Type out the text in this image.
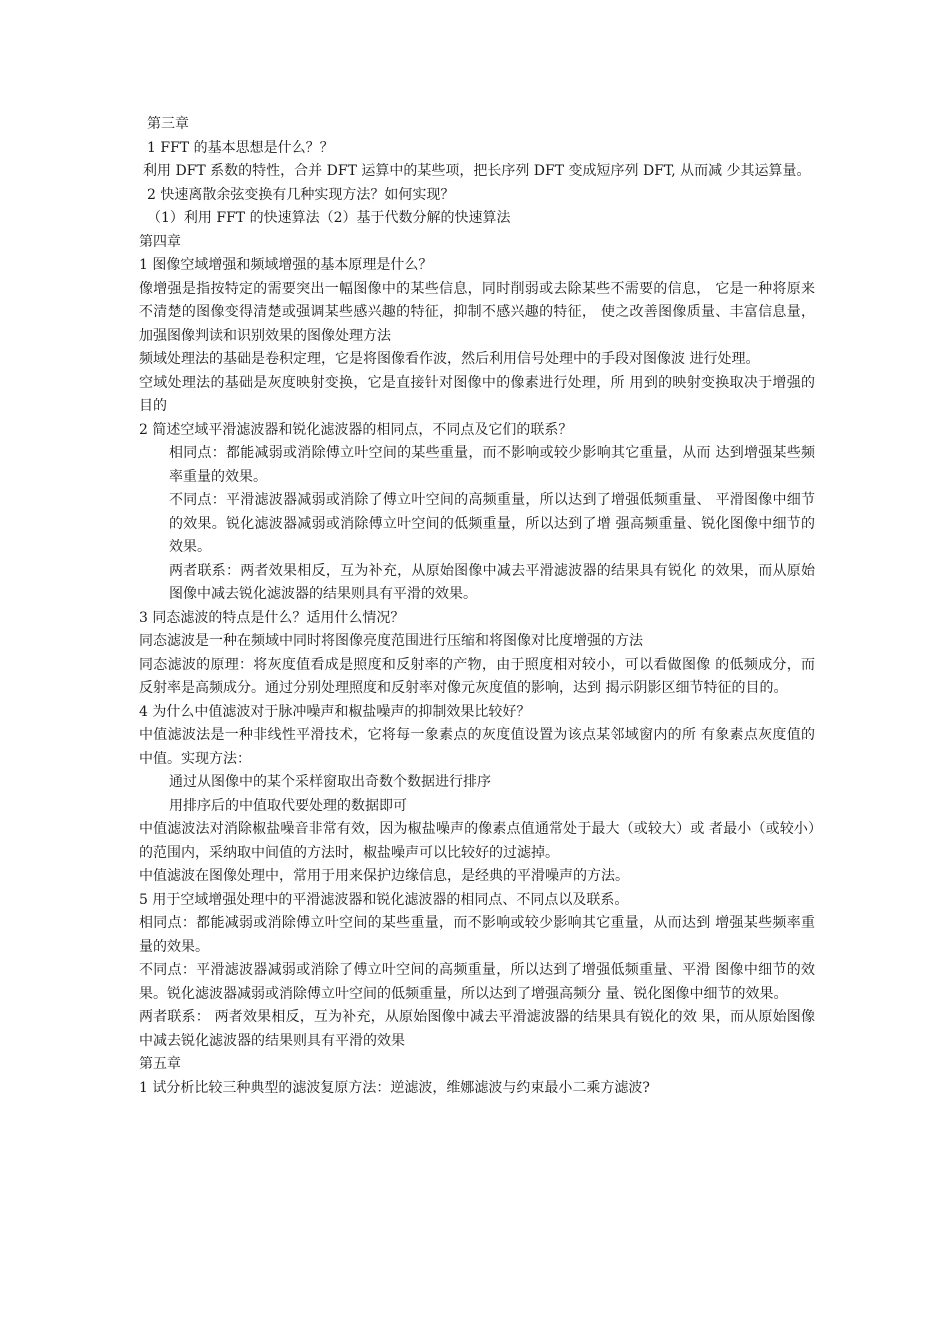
第三章

1 FFT 的基本思想是什么？？

利用 DFT 系数的特性，合并 DFT 运算中的某些项，把长序列 DFT 变成短序列 DFT, 从而减 少其运算量。

2 快速离散余弦变换有几种实现方法？如何实现？

（1）利用 FFT 的快速算法（2）基于代数分解的快速算法

第四章

1 图像空域增强和频域增强的基本原理是什么？

像增强是指按特定的需要突出一幅图像中的某些信息，同时削弱或去除某些不需要的信息， 它是一种将原来不清楚的图像变得清楚或强调某些感兴趣的特征，抑制不感兴趣的特征， 使之改善图像质量、丰富信息量，加强图像判读和识别效果的图像处理方法

频域处理法的基础是卷积定理，它是将图像看作波，然后利用信号处理中的手段对图像波 进行处理。

空域处理法的基础是灰度映射变换，它是直接针对图像中的像素进行处理，所 用到的映射变换取决于增强的目的

2 简述空域平滑滤波器和锐化滤波器的相同点，不同点及它们的联系？

相同点：都能减弱或消除傅立叶空间的某些重量，而不影响或较少影响其它重量，从而 达到增强某些频率重量的效果。

不同点：平滑滤波器减弱或消除了傅立叶空间的高频重量，所以达到了增强低频重量、 平滑图像中细节的效果。锐化滤波器减弱或消除傅立叶空间的低频重量，所以达到了增 强高频重量、锐化图像中细节的效果。

两者联系：两者效果相反，互为补充，从原始图像中减去平滑滤波器的结果具有锐化 的效果，而从原始图像中减去锐化滤波器的结果则具有平滑的效果。

3 同态滤波的特点是什么？适用什么情况？

同态滤波是一种在频域中同时将图像亮度范围进行压缩和将图像对比度增强的方法

同态滤波的原理：将灰度值看成是照度和反射率的产物，由于照度相对较小，可以看做图像 的低频成分，而反射率是高频成分。通过分别处理照度和反射率对像元灰度值的影响，达到 揭示阴影区细节特征的目的。

4 为什么中值滤波对于脉冲噪声和椒盐噪声的抑制效果比较好？

中值滤波法是一种非线性平滑技术，它将每一象素点的灰度值设置为该点某邻域窗内的所 有象素点灰度值的中值。实现方法：

通过从图像中的某个采样窗取出奇数个数据进行排序

用排序后的中值取代要处理的数据即可

中值滤波法对消除椒盐噪音非常有效，因为椒盐噪声的像素点值通常处于最大（或较大）或 者最小（或较小）的范围内，采纳取中间值的方法时，椒盐噪声可以比较好的过滤掉。

中值滤波在图像处理中，常用于用来保护边缘信息，是经典的平滑噪声的方法。

5 用于空域增强处理中的平滑滤波器和锐化滤波器的相同点、不同点以及联系。

相同点：都能减弱或消除傅立叶空间的某些重量，而不影响或较少影响其它重量，从而达到 增强某些频率重量的效果。

不同点：平滑滤波器减弱或消除了傅立叶空间的高频重量，所以达到了增强低频重量、平滑 图像中细节的效果。锐化滤波器减弱或消除傅立叶空间的低频重量，所以达到了增强高频分 量、锐化图像中细节的效果。

两者联系： 两者效果相反，互为补充，从原始图像中减去平滑滤波器的结果具有锐化的效 果，而从原始图像中减去锐化滤波器的结果则具有平滑的效果

第五章

1 试分析比较三种典型的滤波复原方法：逆滤波，维娜滤波与约束最小二乘方滤波?
